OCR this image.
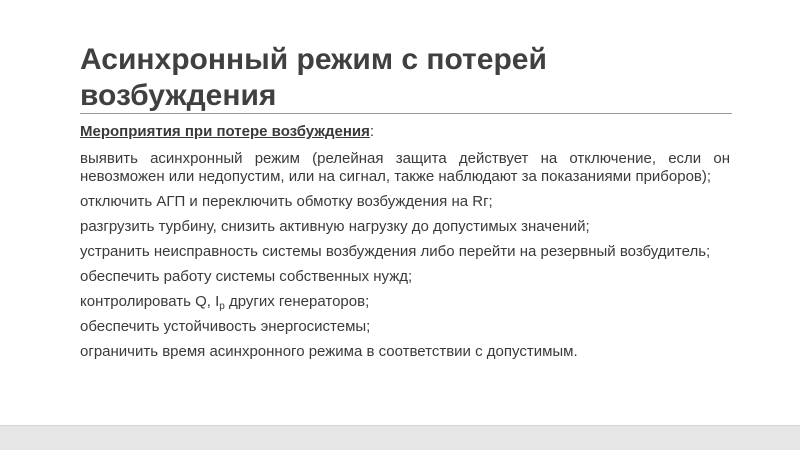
Асинхронный режим с потерей возбуждения

Мероприятия при потере возбуждения:

выявить асинхронный режим (релейная защита действует на отключение, если он невозможен или недопустим, или на сигнал, также наблюдают за показаниями приборов);

отключить АГП и переключить обмотку возбуждения на Rг;

разгрузить турбину, снизить активную нагрузку до допустимых значений;

устранить неисправность системы возбуждения либо перейти на резервный возбудитель;

обеспечить работу системы собственных нужд;

контролировать Q, $I_р$ других генераторов;

обеспечить устойчивость энергосистемы;

ограничить время асинхронного режима в соответствии с допустимым.
